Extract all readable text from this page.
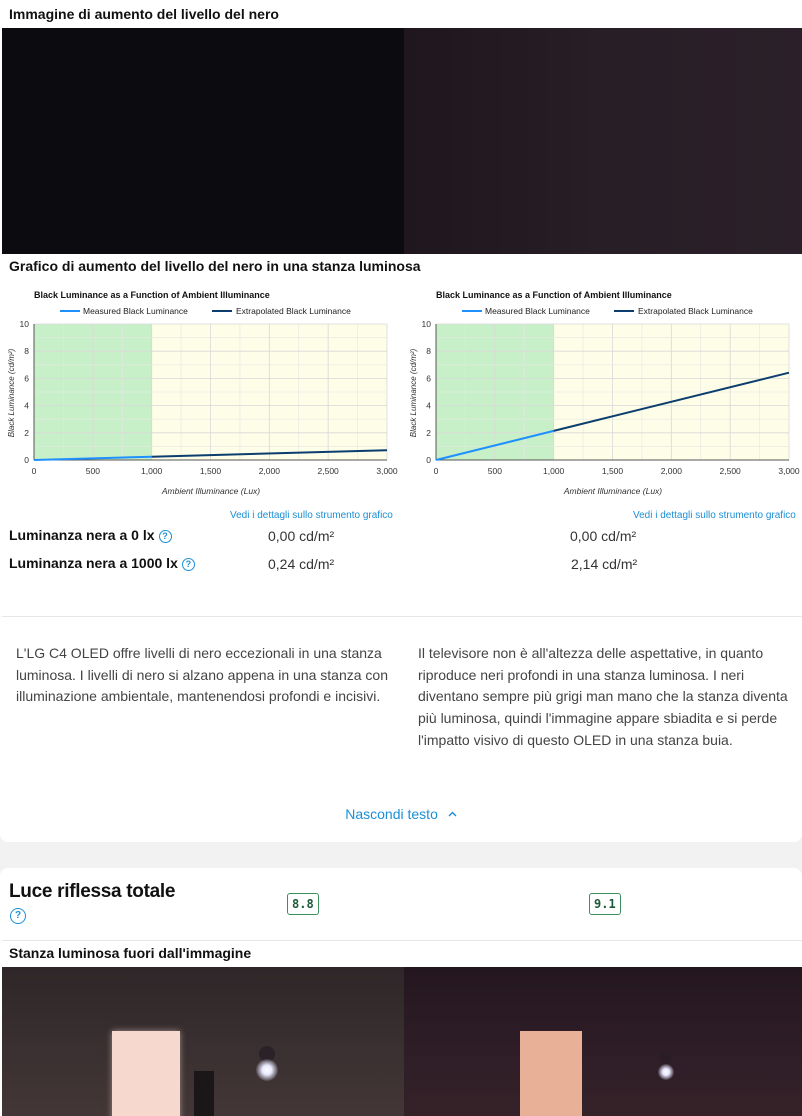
Immagine di aumento del livello del nero
Grafico di aumento del livello del nero in una stanza luminosa
Black Luminance as a Function of Ambient Illuminance
Measured Black Luminance	Extrapolated Black Luminance
0	500	1,000	1,500	2,000	2,500	3,000
0
2
4
6
8
10
Black Luminance (cd/m²)
Ambient Illuminance (Lux)
Black Luminance as a Function of Ambient Illuminance
Measured Black Luminance	Extrapolated Black Luminance
0	500	1,000	1,500	2,000	2,500	3,000
0
2
4
6
8
10
Black Luminance (cd/m²)
Ambient Illuminance (Lux)
Vedi i dettagli sullo strumento grafico	Vedi i dettagli sullo strumento grafico
Luminanza nera a 0 lx ?	0,00 cd/m²	0,00 cd/m²
Luminanza nera a 1000 lx ?	0,24 cd/m²	2,14 cd/m²
L'LG C4 OLED offre livelli di nero eccezionali in una stanza luminosa. I livelli di nero si alzano appena in una stanza con illuminazione ambientale, mantenendosi profondi e incisivi.
Il televisore non è all'altezza delle aspettative, in quanto riproduce neri profondi in una stanza luminosa. I neri diventano sempre più grigi man mano che la stanza diventa più luminosa, quindi l'immagine appare sbiadita e si perde l'impatto visivo di questo OLED in una stanza buia.
Nascondi testo
Luce riflessa totale
?
8.8	9.1
Stanza luminosa fuori dall'immagine
